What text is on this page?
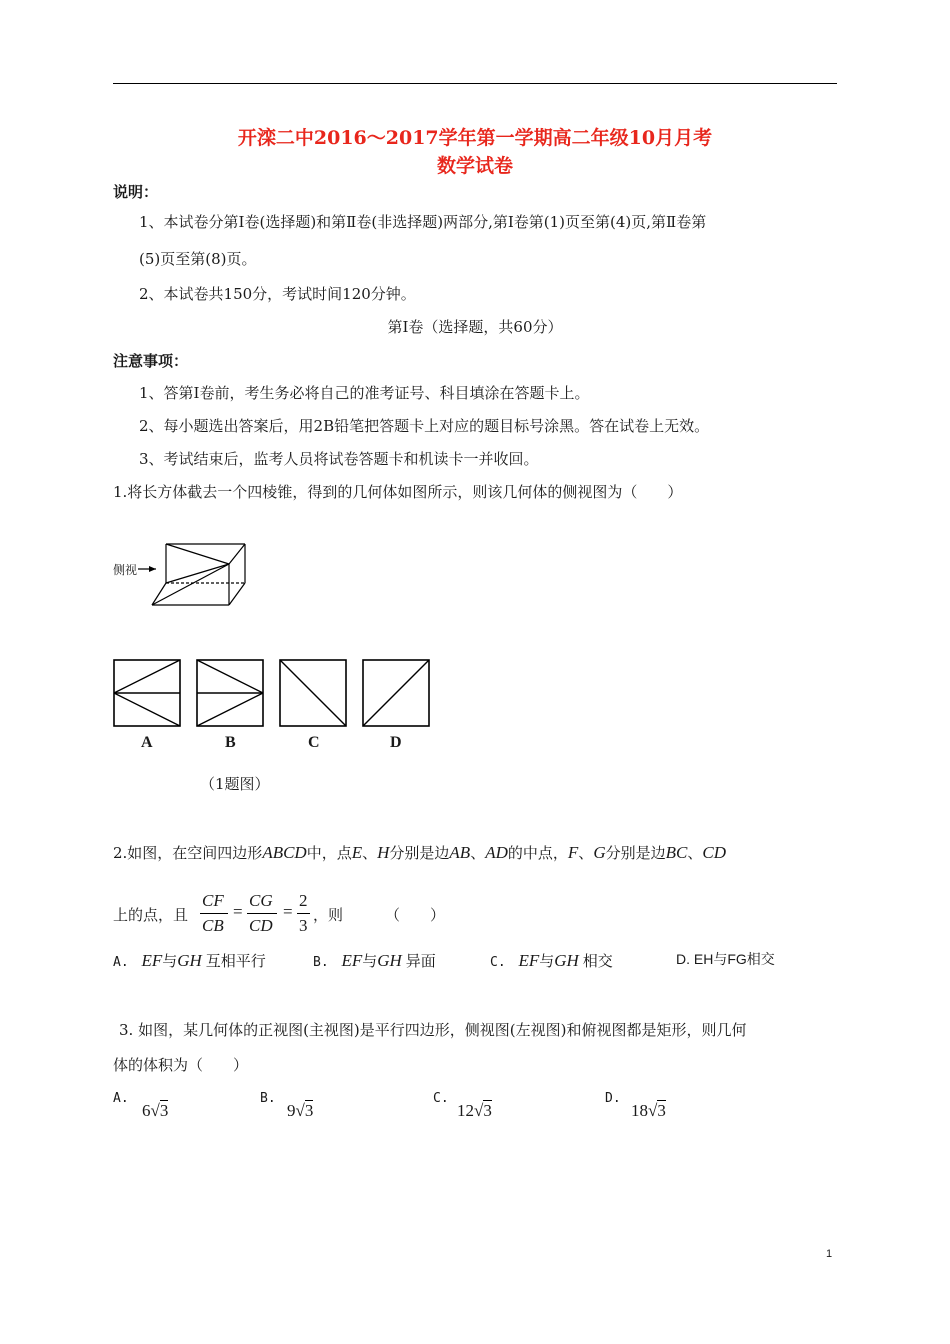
开滦二中2016～2017学年第一学期高二年级10月月考
数学试卷
说明：
1、本试卷分第Ⅰ卷(选择题)和第Ⅱ卷(非选择题)两部分,第Ⅰ卷第(1)页至第(4)页,第Ⅱ卷第
(5)页至第(8)页。
2、本试卷共150分，考试时间120分钟。
第Ⅰ卷（选择题，共60分）
注意事项：
1、答第Ⅰ卷前，考生务必将自己的准考证号、科目填涂在答题卡上。
2、每小题选出答案后，用2B铅笔把答题卡上对应的题目标号涂黑。答在试卷上无效。
3、考试结束后，监考人员将试卷答题卡和机读卡一并收回。
1.将长方体截去一个四棱锥，得到的几何体如图所示，则该几何体的侧视图为（　　）
侧视
A	B	C	D
（1题图）
2.如图，在空间四边形ABCD中，点E、H分别是边AB、AD的中点，F、G分别是边BC、CD
上的点，且
CF
CB
=
CG
CD
=
2
3
，则	（　　）
A. EF与GH 互相平行	B. EF与GH 异面	C. EF与GH 相交	D. EH与FG相交
3. 如图，某几何体的正视图(主视图)是平行四边形，侧视图(左视图)和俯视图都是矩形，则几何
体的体积为（　　）
A.
6√3
B.
9√3
C.
12√3
D.
18√3
1
